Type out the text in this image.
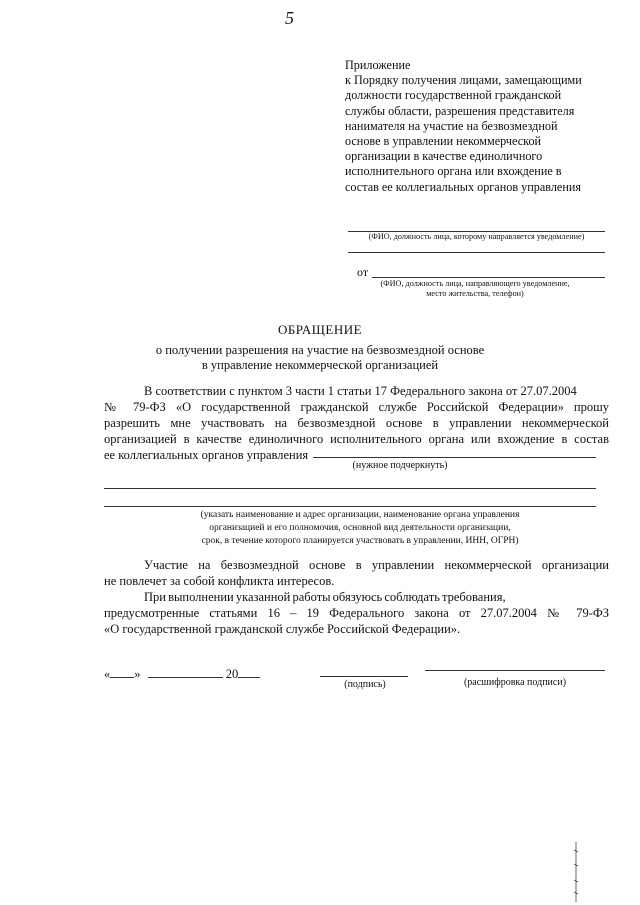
5
Приложение
к Порядку получения лицами, замещающими
должности государственной гражданской
службы области, разрешения представителя
нанимателя на участие на безвозмездной
основе в управлении некоммерческой
организации в качестве единоличного
исполнительного органа или вхождение в
состав ее коллегиальных органов управления
(ФИО, должность лица, которому направляется уведомление)
от
(ФИО, должность лица, направляющего уведомление,
место жительства, телефон)
ОБРАЩЕНИЕ
о получении разрешения на участие на безвозмездной основе
в управление некоммерческой организацией
В соответствии с пунктом 3 части 1 статьи 17 Федерального закона от 27.07.2004
№ 79-ФЗ «О государственной гражданской службе Российской Федерации» прошу
разрешить мне участвовать на безвозмездной основе в управлении некоммерческой
организацией в качестве единоличного исполнительного органа или вхождение в состав
ее коллегиальных органов управления
(нужное подчеркнуть)
(указать наименование и адрес организации, наименование органа управления
организацией и его полномочия, основной вид деятельности организации,
срок, в течение которого планируется участвовать в управлении, ИНН, ОГРН)
Участие на безвозмездной основе в управлении некоммерческой организации
не повлечет за собой конфликта интересов.
При выполнении указанной работы обязуюсь соблюдать требования,
предусмотренные статьями 16 – 19 Федерального закона от 27.07.2004 № 79-ФЗ
«О государственной гражданской службе Российской Федерации».
« »	20
(подпись)	(расшифровка подписи)
